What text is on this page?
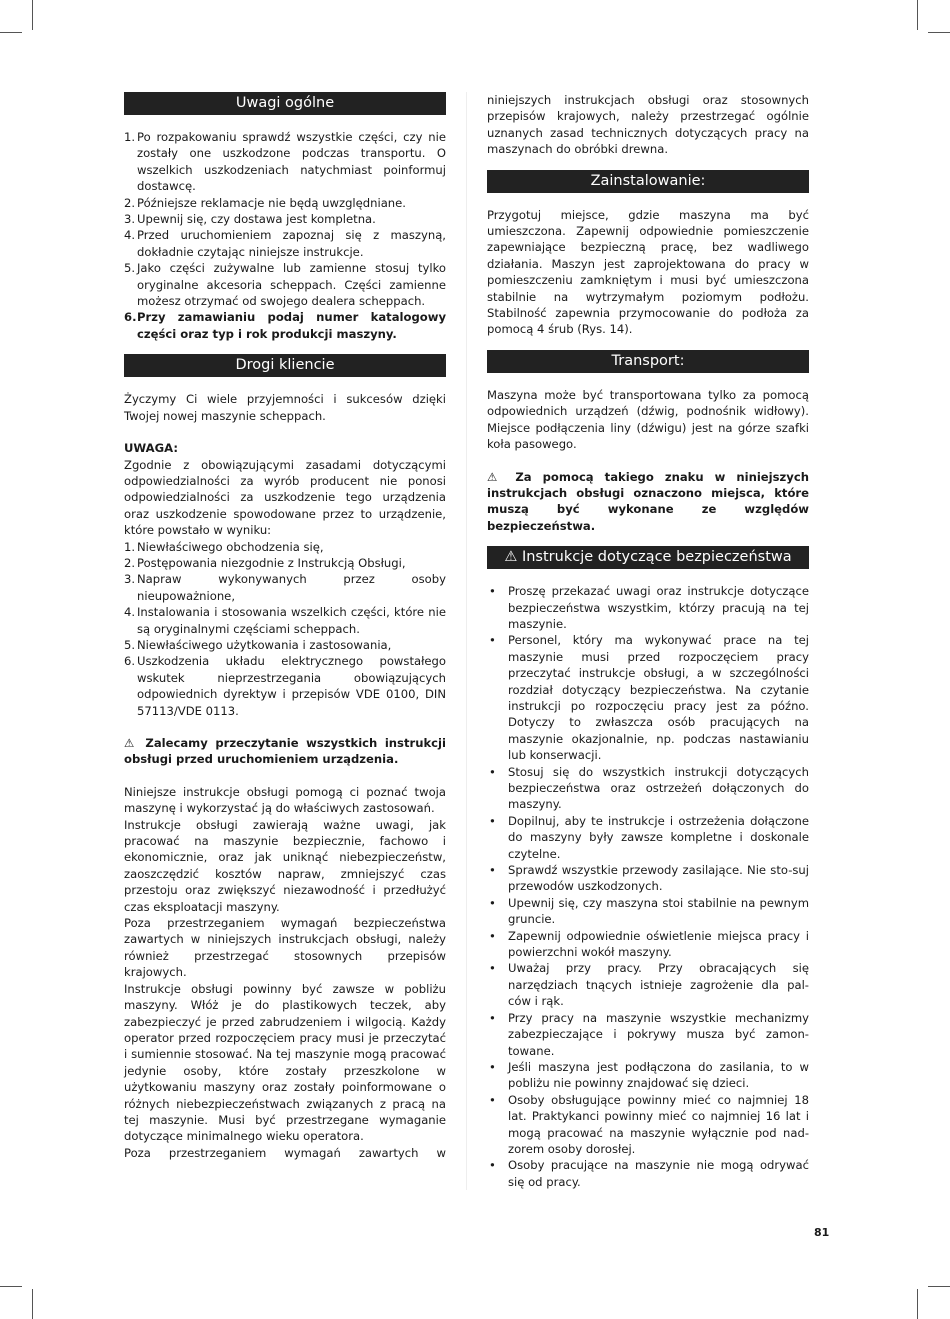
Uwagi ogólne
1. Po rozpakowaniu sprawdź wszystkie części, czy nie zostały one uszkodzone podczas transportu. O wszelkich uszkodzeniach natychmiast poinformuj dostawcę.
2. Późniejsze reklamacje nie będą uwzględniane.
3. Upewnij się, czy dostawa jest kompletna.
4. Przed uruchomieniem zapoznaj się z maszyną, dokładnie czytając niniejsze instrukcje.
5. Jako części zużywalne lub zamienne stosuj tylko oryginalne akcesoria scheppach. Części zamienne możesz otrzymać od swojego dealera scheppach.
6. Przy zamawianiu podaj numer katalogowy części oraz typ i rok produkcji maszyny.
Drogi kliencie

Życzymy Ci wiele przyjemności i sukcesów dzięki Twojej nowej maszynie scheppach.

UWAGA:

Zgodnie z obowiązującymi zasadami dotyczącymi odpowiedzialności za wyrób producent nie ponosi odpowiedzialności za uszkodzenie tego urządzenia oraz uszkodzenie spowodowane przez to urządzenie, które powstało w wyniku:

1. Niewłaściwego obchodzenia się,
2. Postępowania niezgodnie z Instrukcją Obsługi,
3. Napraw wykonywanych przez osoby nieupoważnione,
4. Instalowania i stosowania wszelkich części, które nie są oryginalnymi częściami scheppach.
5. Niewłaściwego użytkowania i zastosowania,
6. Uszkodzenia układu elektrycznego powstałego wskutek nieprzestrzegania obowiązujących odpowiednich dyrektyw i przepisów VDE 0100, DIN 57113/VDE 0113.

⚠ Zalecamy przeczytanie wszystkich instrukcji obsługi przed uruchomieniem urządzenia.

Niniejsze instrukcje obsługi pomogą ci poznać twoja maszynę i wykorzystać ją do właściwych zastosowań.

Instrukcje obsługi zawierają ważne uwagi, jak pracować na maszynie bezpiecznie, fachowo i ekonomicznie, oraz jak uniknąć niebezpieczeństw, zaoszczędzić kosztów napraw, zmniejszyć czas przestoju oraz zwiększyć niezawodność i przedłużyć czas eksploatacji maszyny.

Poza przestrzeganiem wymagań bezpieczeństwa zawartych w niniejszych instrukcjach obsługi, należy również przestrzegać stosownych przepisów krajowych.

Instrukcje obsługi powinny być zawsze w pobliżu maszyny. Włóż je do plastikowych teczek, aby zabezpieczyć je przed zabrudzeniem i wilgocią. Każdy operator przed rozpoczęciem pracy musi je przeczytać i sumiennie stosować. Na tej maszynie mogą pracować jedynie osoby, które zostały przeszkolone w użytkowaniu maszyny oraz zostały poinformowane o różnych niebezpieczeństwach związanych z pracą na tej maszynie. Musi być przestrzegane wymaganie dotyczące minimalnego wieku operatora.

Poza przestrzeganiem wymagań zawartych w

niniejszych instrukcjach obsługi oraz stosownych przepisów krajowych, należy przestrzegać ogólnie uznanych zasad technicznych dotyczących pracy na maszynach do obróbki drewna.

Zainstalowanie:

Przygotuj miejsce, gdzie maszyna ma być umieszczona. Zapewnij odpowiednie pomieszczenie zapewniające bezpieczną pracę, bez wadliwego działania. Maszyn jest zaprojektowana do pracy w pomieszczeniu zamkniętym i musi być umieszczona stabilnie na wytrzymałym poziomym podłożu. Stabilność zapewnia przymocowanie do podłoża za pomocą 4 śrub (Rys. 14).

Transport:

Maszyna może być transportowana tylko za pomocą odpowiednich urządzeń (dźwig, podnośnik widłowy). Miejsce podłączenia liny (dźwigu) jest na górze szafki koła pasowego.

⚠ Za pomocą takiego znaku w niniejszych instrukcjach obsługi oznaczono miejsca, które muszą być wykonane ze względów bezpieczeństwa.

⚠ Instrukcje dotyczące bezpieczeństwa
• Proszę przekazać uwagi oraz instrukcje dotyczące bezpieczeństwa wszystkim, którzy pracują na tej maszynie.
• Personel, który ma wykonywać prace na tej maszynie musi przed rozpoczęciem pracy przeczytać instrukcje obsługi, a w szczególności rozdział dotyczący bezpieczeństwa. Na czytanie instrukcji po rozpoczęciu pracy jest za późno. Dotyczy to zwłaszcza osób pracujących na maszynie okazjonalnie, np. podczas nastawianiu lub konserwacji.
• Stosuj się do wszystkich instrukcji dotyczących bezpieczeństwa oraz ostrzeżeń dołączonych do maszyny.
• Dopilnuj, aby te instrukcje i ostrzeżenia dołączone do maszyny były zawsze kompletne i doskonale czytelne.
• Sprawdź wszystkie przewody zasilające. Nie sto-suj przewodów uszkodzonych.
• Upewnij się, czy maszyna stoi stabilnie na pewnym gruncie.
• Zapewnij odpowiednie oświetlenie miejsca pracy i powierzchni wokół maszyny.
• Uważaj przy pracy. Przy obracających się narzędziach tnących istnieje zagrożenie dla pal-ców i rąk.
• Przy pracy na maszynie wszystkie mechanizmy zabezpieczające i pokrywy musza być zamon-towane.
• Jeśli maszyna jest podłączona do zasilania, to w pobliżu nie powinny znajdować się dzieci.
• Osoby obsługujące powinny mieć co najmniej 18 lat. Praktykanci powinny mieć co najmniej 16 lat i mogą pracować na maszynie wyłącznie pod nad-zorem osoby dorosłej.
• Osoby pracujące na maszynie nie mogą odrywać się od pracy.
81
